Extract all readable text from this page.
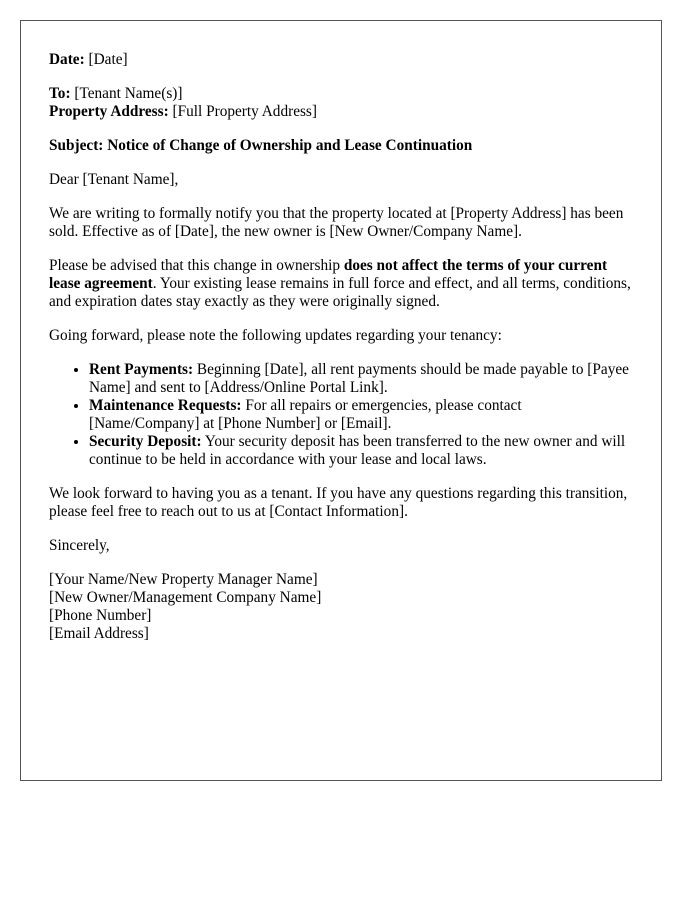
Date: [Date]

To: [Tenant Name(s)]
Property Address: [Full Property Address]

Subject: Notice of Change of Ownership and Lease Continuation

Dear [Tenant Name],

We are writing to formally notify you that the property located at [Property Address] has been sold. Effective as of [Date], the new owner is [New Owner/Company Name].

Please be advised that this change in ownership does not affect the terms of your current lease agreement. Your existing lease remains in full force and effect, and all terms, conditions, and expiration dates stay exactly as they were originally signed.

Going forward, please note the following updates regarding your tenancy:

• Rent Payments: Beginning [Date], all rent payments should be made payable to [Payee Name] and sent to [Address/Online Portal Link].
• Maintenance Requests: For all repairs or emergencies, please contact [Name/Company] at [Phone Number] or [Email].
• Security Deposit: Your security deposit has been transferred to the new owner and will continue to be held in accordance with your lease and local laws.

We look forward to having you as a tenant. If you have any questions regarding this transition, please feel free to reach out to us at [Contact Information].

Sincerely,

[Your Name/New Property Manager Name]
[New Owner/Management Company Name]
[Phone Number]
[Email Address]
